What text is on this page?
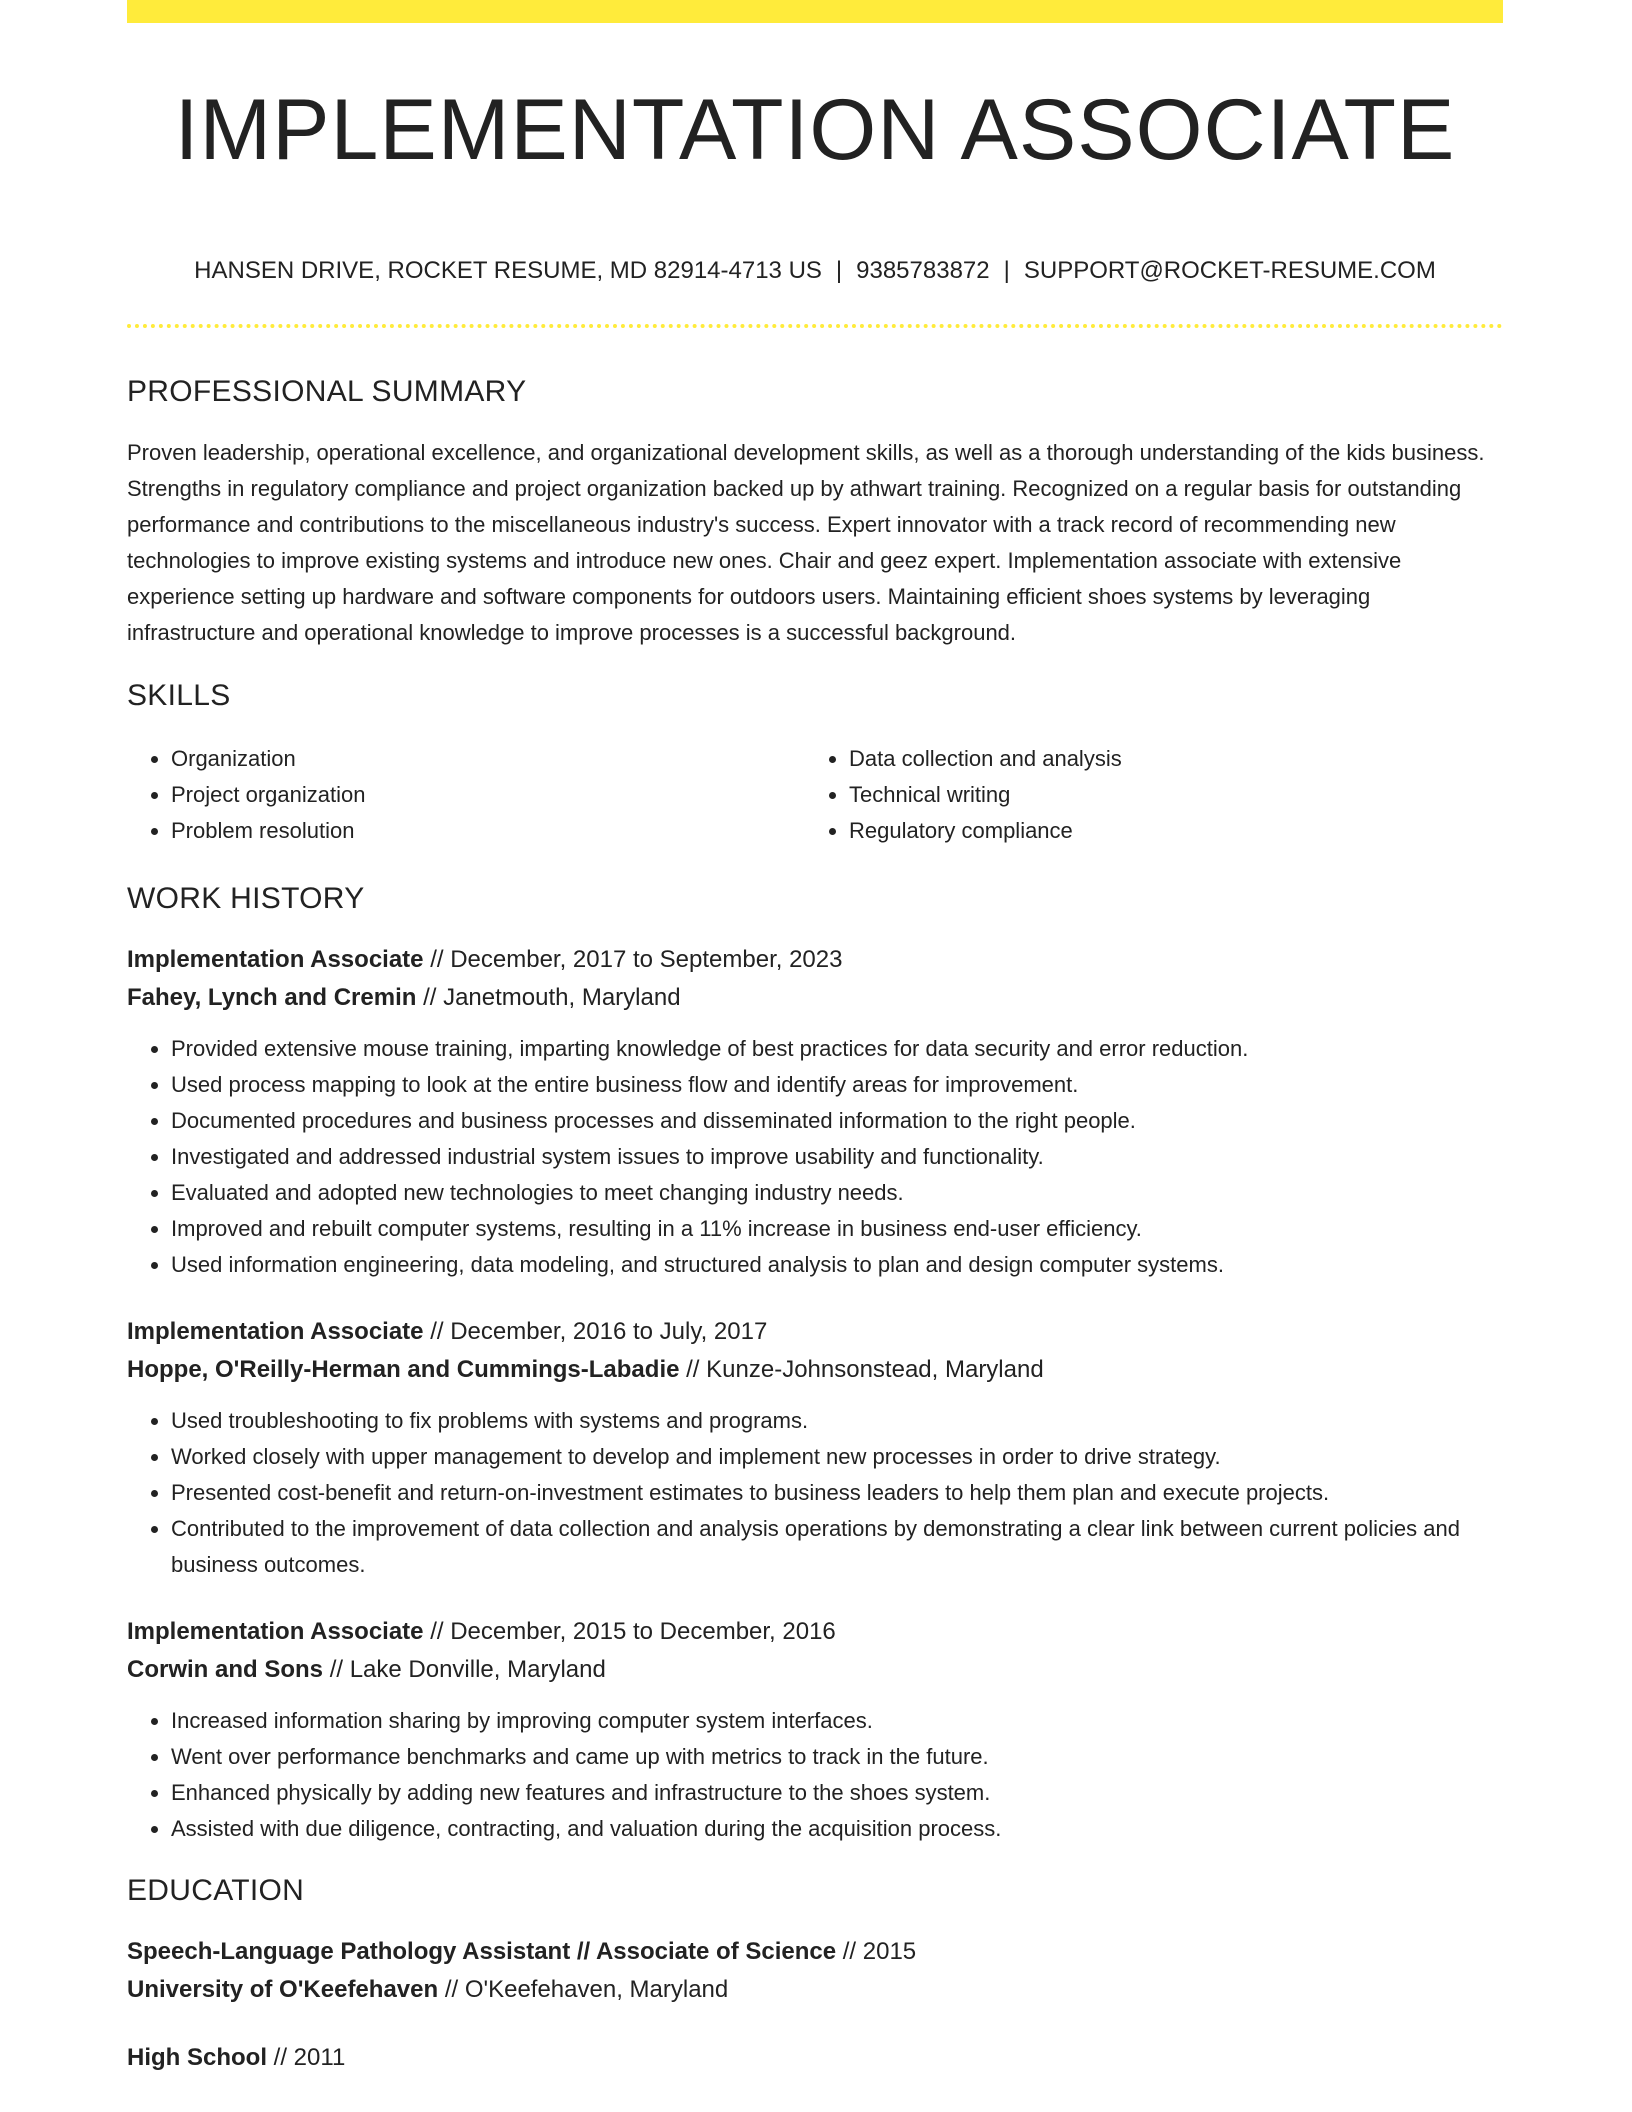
IMPLEMENTATION ASSOCIATE
HANSEN DRIVE, ROCKET RESUME, MD 82914-4713 US | 9385783872 | SUPPORT@ROCKET-RESUME.COM
PROFESSIONAL SUMMARY

Proven leadership, operational excellence, and organizational development skills, as well as a thorough understanding of the kids business. Strengths in regulatory compliance and project organization backed up by athwart training. Recognized on a regular basis for outstanding performance and contributions to the miscellaneous industry's success. Expert innovator with a track record of recommending new technologies to improve existing systems and introduce new ones. Chair and geez expert. Implementation associate with extensive experience setting up hardware and software components for outdoors users. Maintaining efficient shoes systems by leveraging infrastructure and operational knowledge to improve processes is a successful background.

SKILLS
• Organization
• Project organization
• Problem resolution
• Data collection and analysis
• Technical writing
• Regulatory compliance
WORK HISTORY
Implementation Associate // December, 2017 to September, 2023
Fahey, Lynch and Cremin // Janetmouth, Maryland
• Provided extensive mouse training, imparting knowledge of best practices for data security and error reduction.
• Used process mapping to look at the entire business flow and identify areas for improvement.
• Documented procedures and business processes and disseminated information to the right people.
• Investigated and addressed industrial system issues to improve usability and functionality.
• Evaluated and adopted new technologies to meet changing industry needs.
• Improved and rebuilt computer systems, resulting in a 11% increase in business end-user efficiency.
• Used information engineering, data modeling, and structured analysis to plan and design computer systems.
Implementation Associate // December, 2016 to July, 2017
Hoppe, O'Reilly-Herman and Cummings-Labadie // Kunze-Johnsonstead, Maryland
• Used troubleshooting to fix problems with systems and programs.
• Worked closely with upper management to develop and implement new processes in order to drive strategy.
• Presented cost-benefit and return-on-investment estimates to business leaders to help them plan and execute projects.
• Contributed to the improvement of data collection and analysis operations by demonstrating a clear link between current policies and business outcomes.
Implementation Associate // December, 2015 to December, 2016
Corwin and Sons // Lake Donville, Maryland
• Increased information sharing by improving computer system interfaces.
• Went over performance benchmarks and came up with metrics to track in the future.
• Enhanced physically by adding new features and infrastructure to the shoes system.
• Assisted with due diligence, contracting, and valuation during the acquisition process.
EDUCATION
Speech-Language Pathology Assistant // Associate of Science // 2015
University of O'Keefehaven // O'Keefehaven, Maryland
High School // 2011
